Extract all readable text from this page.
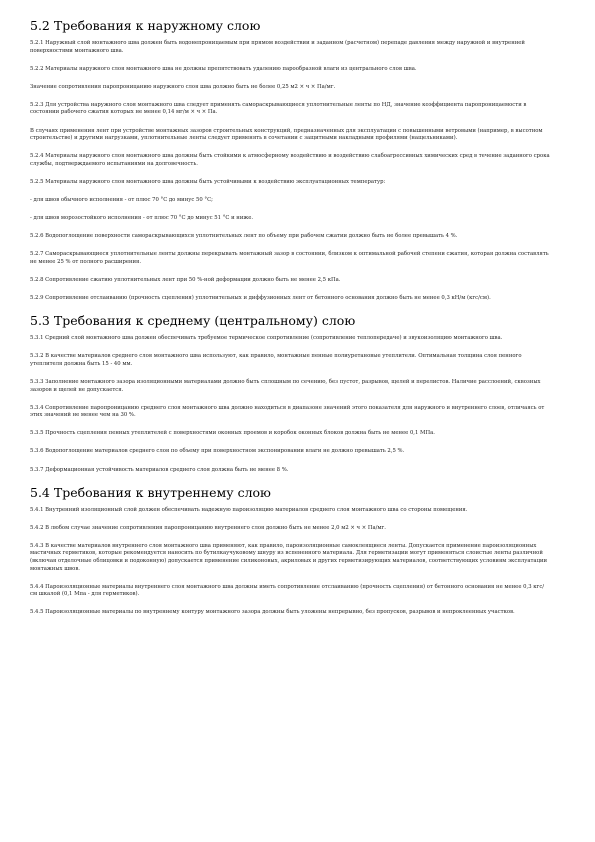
5.2 Требования к наружному слою

5.2.1 Наружный слой монтажного шва должен быть водонепроницаемым при прямом воздействии и заданном (расчетном) перепаде давления между наружной и внутренней поверхностями монтажного шва.

5.2.2 Материалы наружного слоя монтажного шва не должны препятствовать удалению парообразной влаги из центрального слоя шва.

Значение сопротивления паропроницанию наружного слоя шва должно быть не более 0,25 м2 × ч × Па/мг.

5.2.3 Для устройства наружного слоя монтажного шва следует применять самораскрывающиеся уплотнительные ленты по НД, значение коэффициента паропроницаемости в состоянии рабочего сжатия которых не менее 0,14 мг/м × ч × Па.

В случаях применения лент при устройстве монтажных зазоров строительных конструкций, предназначенных для эксплуатации с повышенными ветровыми (например, в высотном строительстве) и другими нагрузками, уплотнительные ленты следует применять в сочетании с защитными накладными профилями (нащельниками).

5.2.4 Материалы наружного слоя монтажного шва должны быть стойкими к атмосферному воздействию и воздействию слабоагрессивных химических сред в течение заданного срока службы, подтверждаемого испытаниями на долговечность.

5.2.5 Материалы наружного слоя монтажного шва должны быть устойчивыми к воздействию эксплуатационных температур:

- для швов обычного исполнения - от плюс 70 °С до минус 50 °С;

- для швов морозостойкого исполнения - от плюс 70 °С до минус 51 °С и ниже.

5.2.6 Водопоглощение поверхности самораскрывающихся уплотнительных лент по объему при рабочем сжатии должно быть не более превышать 4 %.

5.2.7 Самораскрывающиеся уплотнительные ленты должны перекрывать монтажный зазор в состоянии, близком к оптимальной рабочей степени сжатия, которая должна составлять не менее 25 % от полного расширения.

5.2.8 Сопротивление сжатию уплотнительных лент при 50 %-ной деформации должно быть не менее 2,5 кПа.

5.2.9 Сопротивление отслаиванию (прочность сцепления) уплотнительных и диффузионных лент от бетонного основания должно быть не менее 0,3 кН/м (кгс/см).

5.3 Требования к среднему (центральному) слою

5.3.1 Средний слой монтажного шва должен обеспечивать требуемое термическое сопротивление (сопротивление теплопередаче) и звукоизоляцию монтажного шва.

5.3.2 В качестве материалов среднего слоя монтажного шва используют, как правило, монтажные пенные полиуретановые утеплители. Оптимальная толщина слоя пенного утеплителя должна быть 15 - 40 мм.

5.3.3 Заполнение монтажного зазора изоляционными материалами должно быть сплошным по сечению, без пустот, разрывов, щелей и перелистов. Наличие расслоений, сквозных зазоров и щелей не допускается.

5.3.4 Сопротивление паропроницанию среднего слоя монтажного шва должно находиться в диапазоне значений этого показателя для наружного и внутреннего слоев, отличаясь от этих значений не менее чем на 30 %.

5.3.5 Прочность сцепления пенных утеплителей с поверхностями оконных проемов и коробок оконных блоков должна быть не менее 0,1 МПа.

5.3.6 Водопоглощение материалов среднего слоя по объему при поверхностном экспонировании влаги не должно превышать 2,5 %.

5.3.7 Деформационная устойчивость материалов среднего слоя должна быть не менее 8 %.

5.4 Требования к внутреннему слою

5.4.1 Внутренний изоляционный слой должен обеспечивать надежную пароизоляцию материалов среднего слоя монтажного шва со стороны помещения.

5.4.2 В любом случае значение сопротивления паропроницанию внутреннего слоя должно быть не менее 2,0 м2 × ч × Па/мг.

5.4.3 В качестве материалов внутреннего слоя монтажного шва применяют, как правило, пароизоляционные самоклеящиеся ленты. Допускается применение пароизоляционных мастичных герметиков, которые рекомендуется наносить по бутилкаучуковому шнуру из вспененного материала. Для герметизации могут применяться слоистые ленты различной (включая отделочные облицовки и подоконную) допускается применение силиконовых, акриловых и других герметизирующих материалов, соответствующих условиям эксплуатации монтажных швов.

5.4.4 Пароизоляционные материалы внутреннего слоя монтажного шва должны иметь сопротивление отслаиванию (прочность сцепления) от бетонного основания не менее 0,3 кгс/см шкалой (0,1 Мпа - для герметиков).

5.4.5 Пароизоляционные материалы по внутреннему контуру монтажного зазора должны быть уложены непрерывно, без пропусков, разрывов и непроклеенных участков.
